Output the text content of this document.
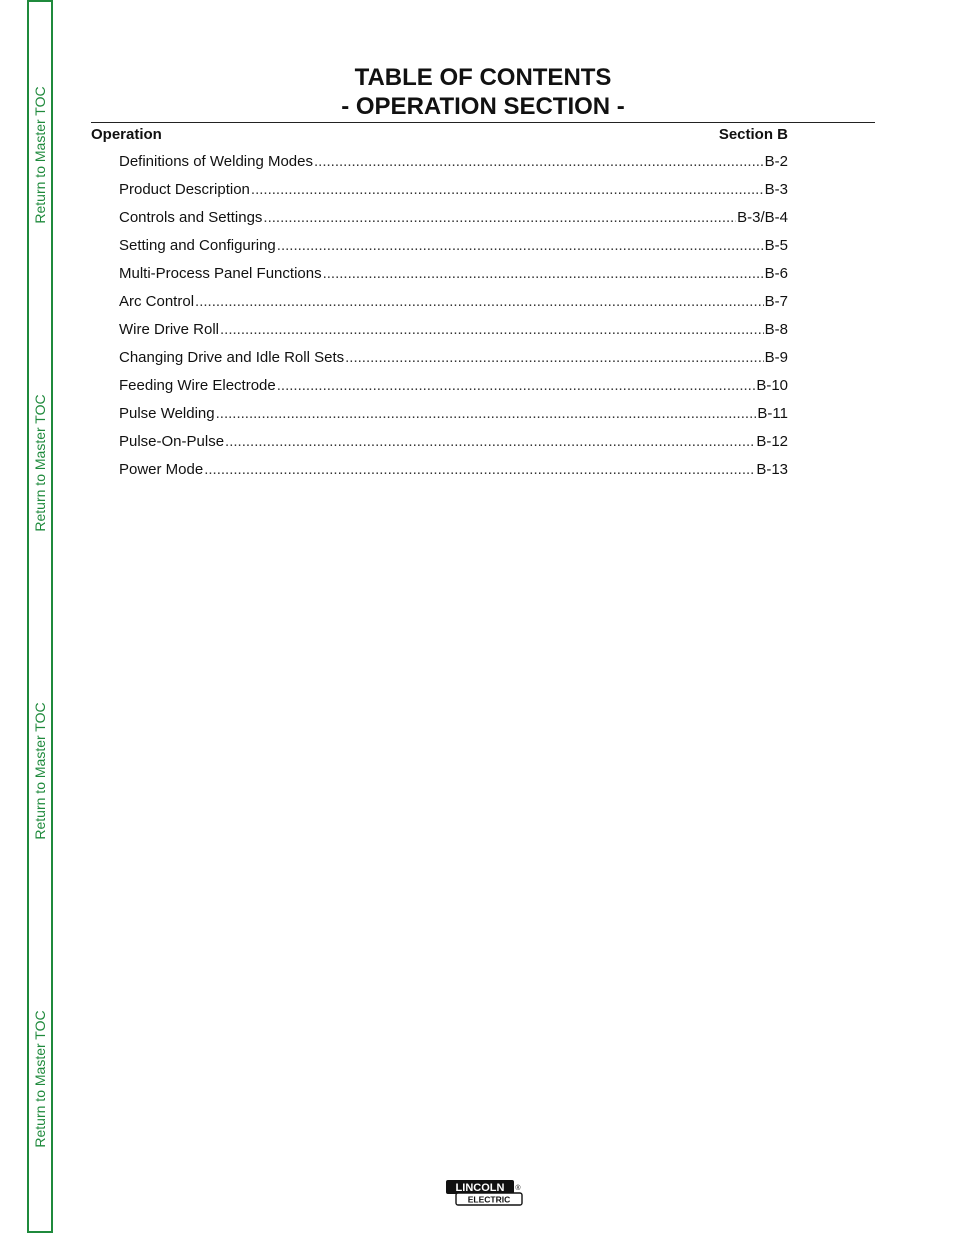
Return to Master TOC
Return to Master TOC
Return to Master TOC
Return to Master TOC
TABLE OF CONTENTS
- OPERATION SECTION -
Operation	Section B
Definitions of Welding Modes .....	B-2
Product Description .....	B-3
Controls and Settings .....	B-3/B-4
Setting and Configuring .....	B-5
Multi-Process Panel Functions .....	B-6
Arc Control .....	B-7
Wire Drive Roll .....	B-8
Changing Drive and Idle Roll Sets .....	B-9
Feeding Wire Electrode .....	B-10
Pulse Welding .....	B-11
Pulse-On-Pulse .....	B-12
Power Mode .....	B-13
LINCOLN
ELECTRIC
®
